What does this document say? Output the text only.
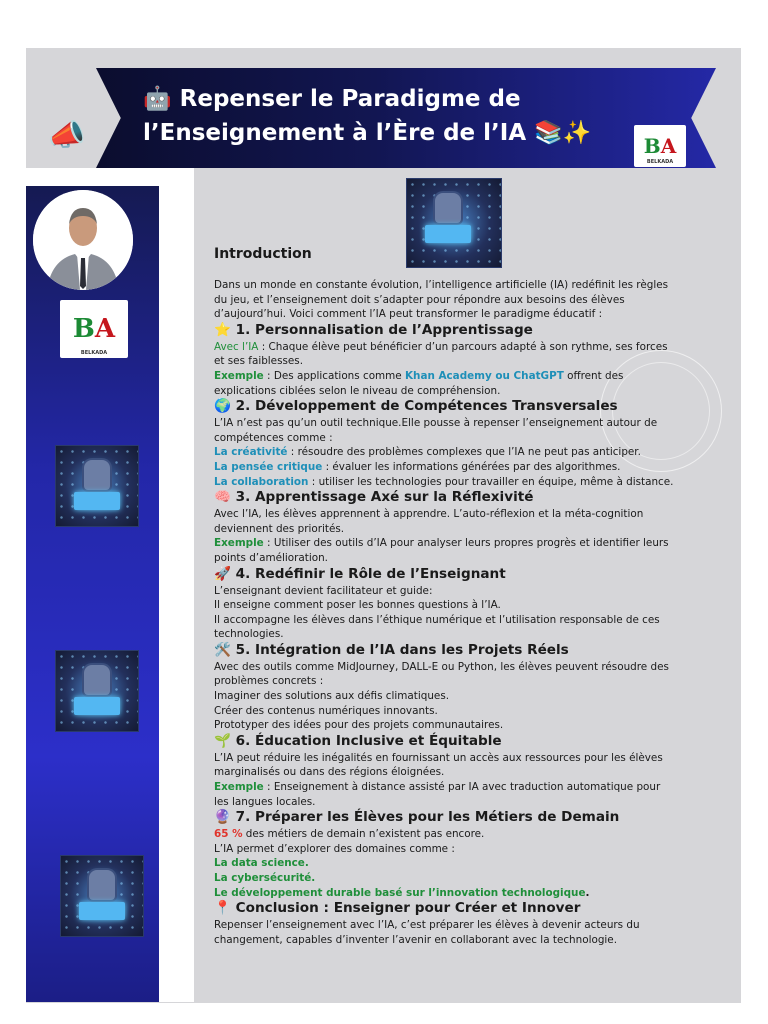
📣
🤖 Repenser le Paradigme de
l’Enseignement à l’Ère de l’IA 📚✨	B A
BELKADA
B A
BELKADA
Introduction

Dans un monde en constante évolution, l’intelligence artificielle (IA) redéfinit les règles du jeu, et l’enseignement doit s’adapter pour répondre aux besoins des élèves d’aujourd’hui. Voici comment l’IA peut transformer le paradigme éducatif :

⭐ 1. Personnalisation de l’Apprentissage

Avec l’IA : Chaque élève peut bénéficier d’un parcours adapté à son rythme, ses forces et ses faiblesses.

Exemple : Des applications comme Khan Academy ou ChatGPT offrent des explications ciblées selon le niveau de compréhension.

🌍 2. Développement de Compétences Transversales

L’IA n’est pas qu’un outil technique.Elle pousse à repenser l’enseignement autour de compétences comme :

La créativité : résoudre des problèmes complexes que l’IA ne peut pas anticiper.

La pensée critique : évaluer les informations générées par des algorithmes.

La collaboration : utiliser les technologies pour travailler en équipe, même à distance.

🧠 3. Apprentissage Axé sur la Réflexivité

Avec l’IA, les élèves apprennent à apprendre. L’auto-réflexion et la méta-cognition deviennent des priorités.

Exemple : Utiliser des outils d’IA pour analyser leurs propres progrès et identifier leurs points d’amélioration.

🚀 4. Redéfinir le Rôle de l’Enseignant

L’enseignant devient facilitateur et guide:

Il enseigne comment poser les bonnes questions à l’IA.

Il accompagne les élèves dans l’éthique numérique et l’utilisation responsable de ces technologies.

🛠️ 5. Intégration de l’IA dans les Projets Réels

Avec des outils comme MidJourney, DALL-E ou Python, les élèves peuvent résoudre des problèmes concrets :

Imaginer des solutions aux défis climatiques.

Créer des contenus numériques innovants.

Prototyper des idées pour des projets communautaires.

🌱 6. Éducation Inclusive et Équitable

L’IA peut réduire les inégalités en fournissant un accès aux ressources pour les élèves marginalisés ou dans des régions éloignées.

Exemple : Enseignement à distance assisté par IA avec traduction automatique pour les langues locales.

🔮 7. Préparer les Élèves pour les Métiers de Demain

65 % des métiers de demain n’existent pas encore.

L’IA permet d’explorer des domaines comme :

La data science.

La cybersécurité.

Le développement durable basé sur l’innovation technologique.

📍 Conclusion : Enseigner pour Créer et Innover

Repenser l’enseignement avec l’IA, c’est préparer les élèves à devenir acteurs du changement, capables d’inventer l’avenir en collaborant avec la technologie.
